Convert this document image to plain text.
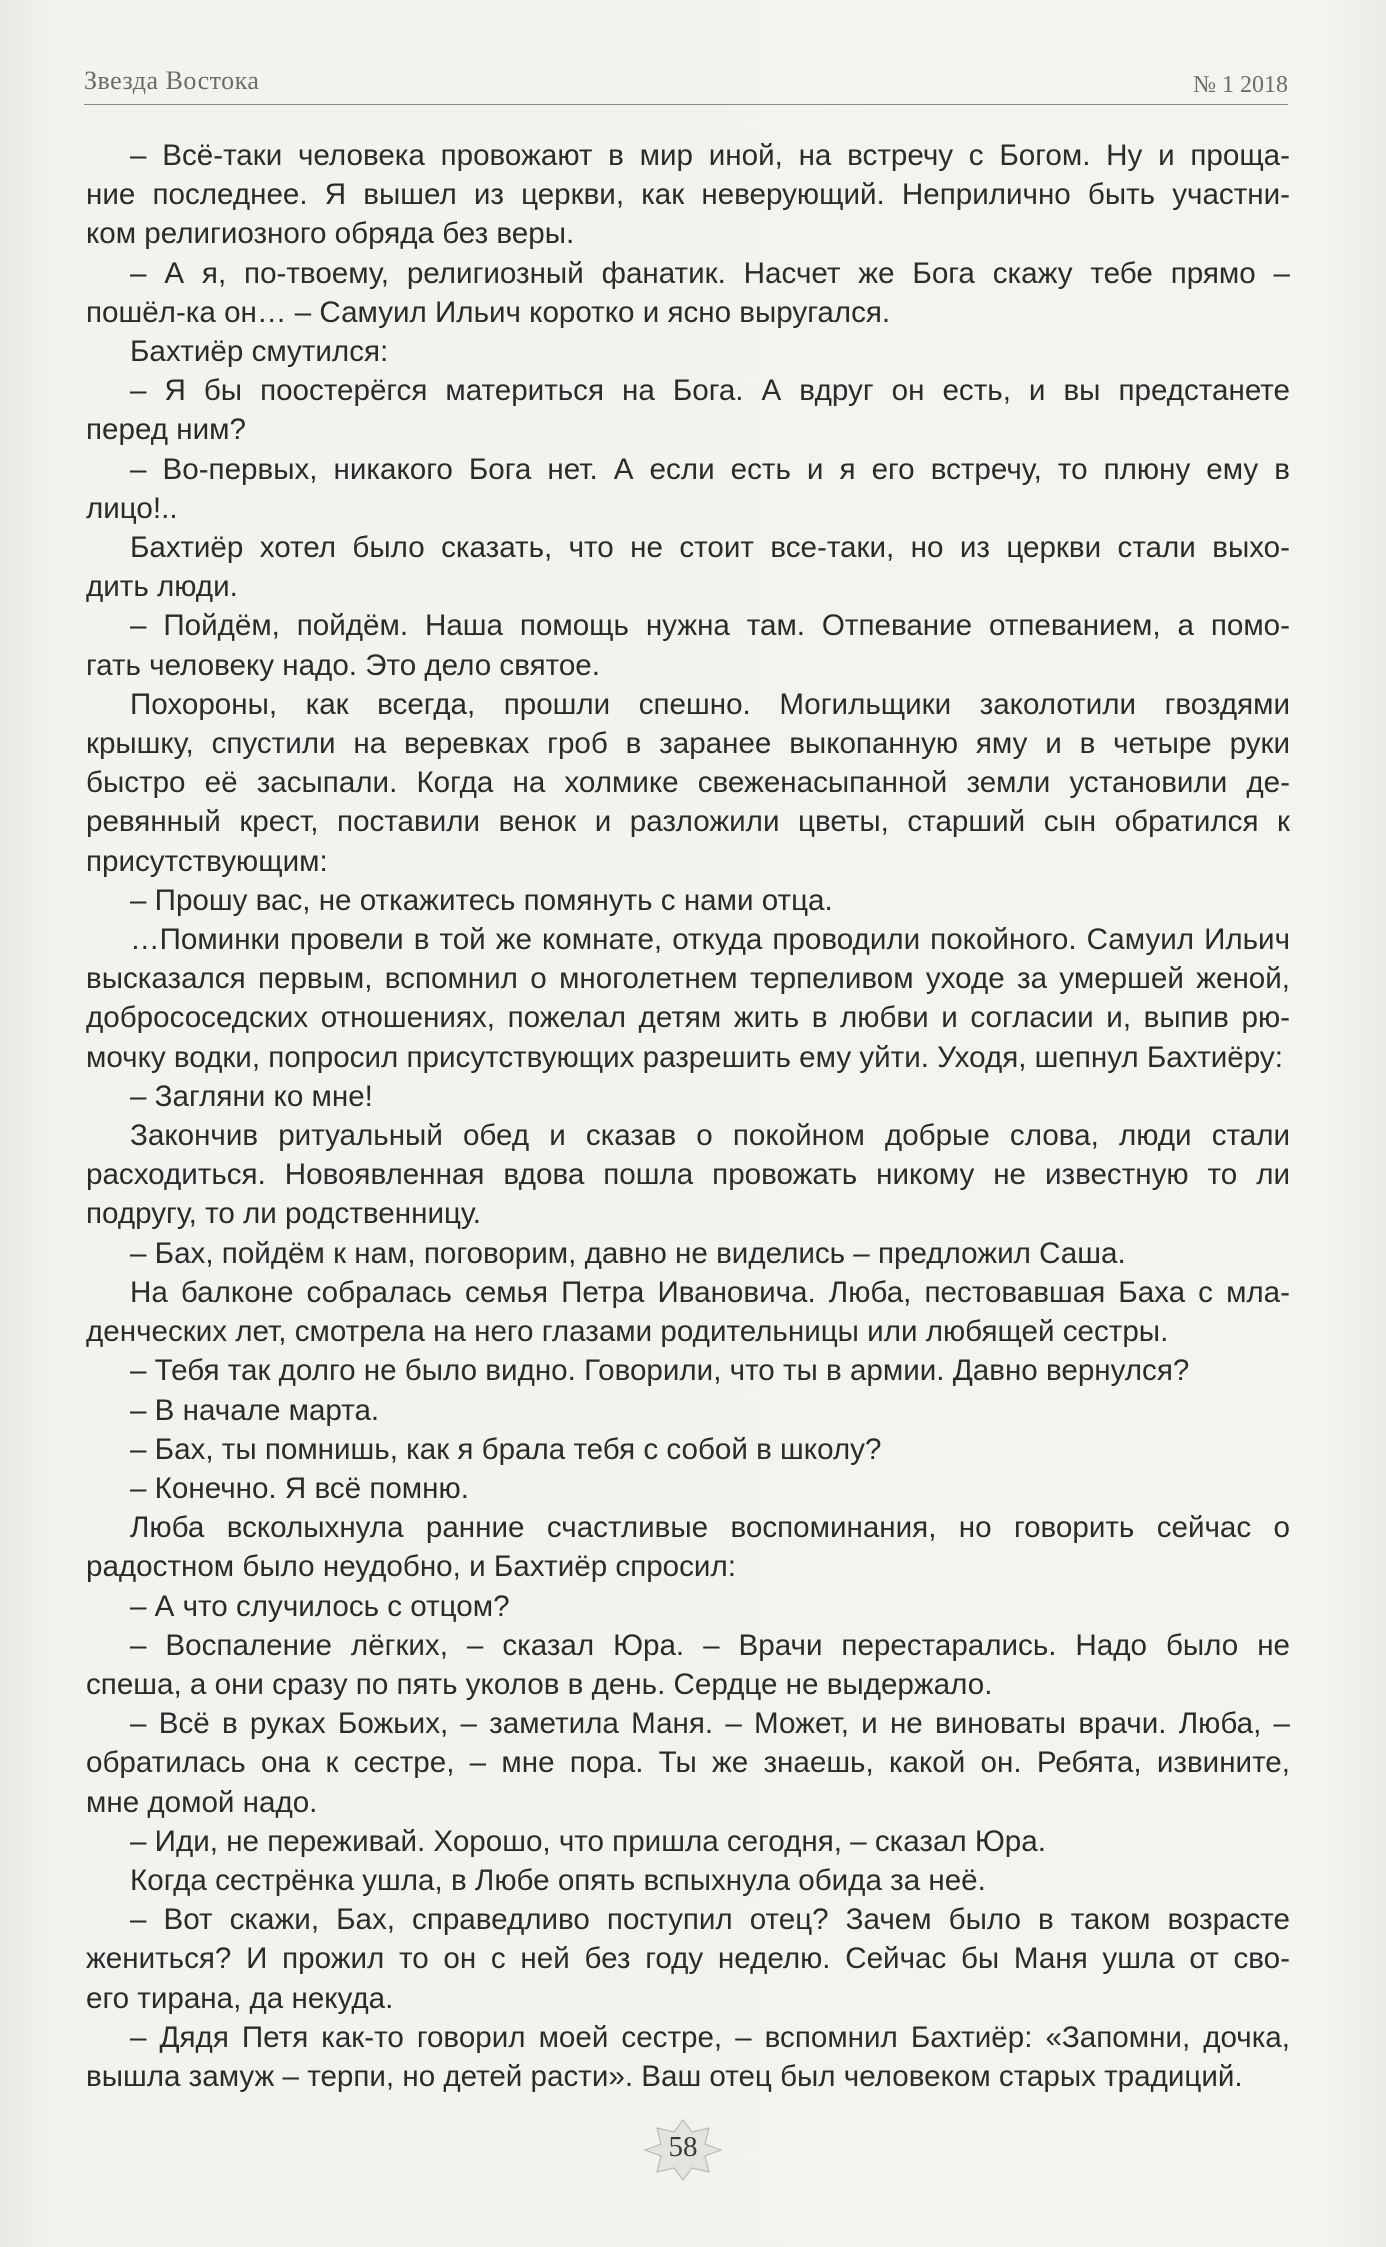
Звезда Востока	№ 1 2018

– Всё-таки человека провожают в мир иной, на встречу с Богом. Ну и проща-

ние последнее. Я вышел из церкви, как неверующий. Неприлично быть участни-

ком религиозного обряда без веры.

– А я, по-твоему, религиозный фанатик. Насчет же Бога скажу тебе прямо –

пошёл-ка он… – Самуил Ильич коротко и ясно выругался.

Бахтиёр смутился:

– Я бы поостерёгся материться на Бога. А вдруг он есть, и вы предстанете

перед ним?

– Во-первых, никакого Бога нет. А если есть и я его встречу, то плюну ему в

лицо!..

Бахтиёр хотел было сказать, что не стоит все-таки, но из церкви стали выхо-

дить люди.

– Пойдём, пойдём. Наша помощь нужна там. Отпевание отпеванием, а помо-

гать человеку надо. Это дело святое.

Похороны, как всегда, прошли спешно. Могильщики заколотили гвоздями

крышку, спустили на веревках гроб в заранее выкопанную яму и в четыре руки

быстро её засыпали. Когда на холмике свеженасыпанной земли установили де-

ревянный крест, поставили венок и разложили цветы, старший сын обратился к

присутствующим:

– Прошу вас, не откажитесь помянуть с нами отца.

…Поминки провели в той же комнате, откуда проводили покойного. Самуил Ильич

высказался первым, вспомнил о многолетнем терпеливом уходе за умершей женой,

добрососедских отношениях, пожелал детям жить в любви и согласии и, выпив рю-

мочку водки, попросил присутствующих разрешить ему уйти. Уходя, шепнул Бахтиёру:

– Загляни ко мне!

Закончив ритуальный обед и сказав о покойном добрые слова, люди стали

расходиться. Новоявленная вдова пошла провожать никому не известную то ли

подругу, то ли родственницу.

– Бах, пойдём к нам, поговорим, давно не виделись – предложил Саша.

На балконе собралась семья Петра Ивановича. Люба, пестовавшая Баха с мла-

денческих лет, смотрела на него глазами родительницы или любящей сестры.

– Тебя так долго не было видно. Говорили, что ты в армии. Давно вернулся?

– В начале марта.

– Бах, ты помнишь, как я брала тебя с собой в школу?

– Конечно. Я всё помню.

Люба всколыхнула ранние счастливые воспоминания, но говорить сейчас о

радостном было неудобно, и Бахтиёр спросил:

– А что случилось с отцом?

– Воспаление лёгких, – сказал Юра. – Врачи перестарались. Надо было не

спеша, а они сразу по пять уколов в день. Сердце не выдержало.

– Всё в руках Божьих, – заметила Маня. – Может, и не виноваты врачи. Люба, –

обратилась она к сестре, – мне пора. Ты же знаешь, какой он. Ребята, извините,

мне домой надо.

– Иди, не переживай. Хорошо, что пришла сегодня, – сказал Юра.

Когда сестрёнка ушла, в Любе опять вспыхнула обида за неё.

– Вот скажи, Бах, справедливо поступил отец? Зачем было в таком возрасте

жениться? И прожил то он с ней без году неделю. Сейчас бы Маня ушла от сво-

его тирана, да некуда.

– Дядя Петя как-то говорил моей сестре, – вспомнил Бахтиёр: «Запомни, дочка,

вышла замуж – терпи, но детей расти». Ваш отец был человеком старых традиций.

58
